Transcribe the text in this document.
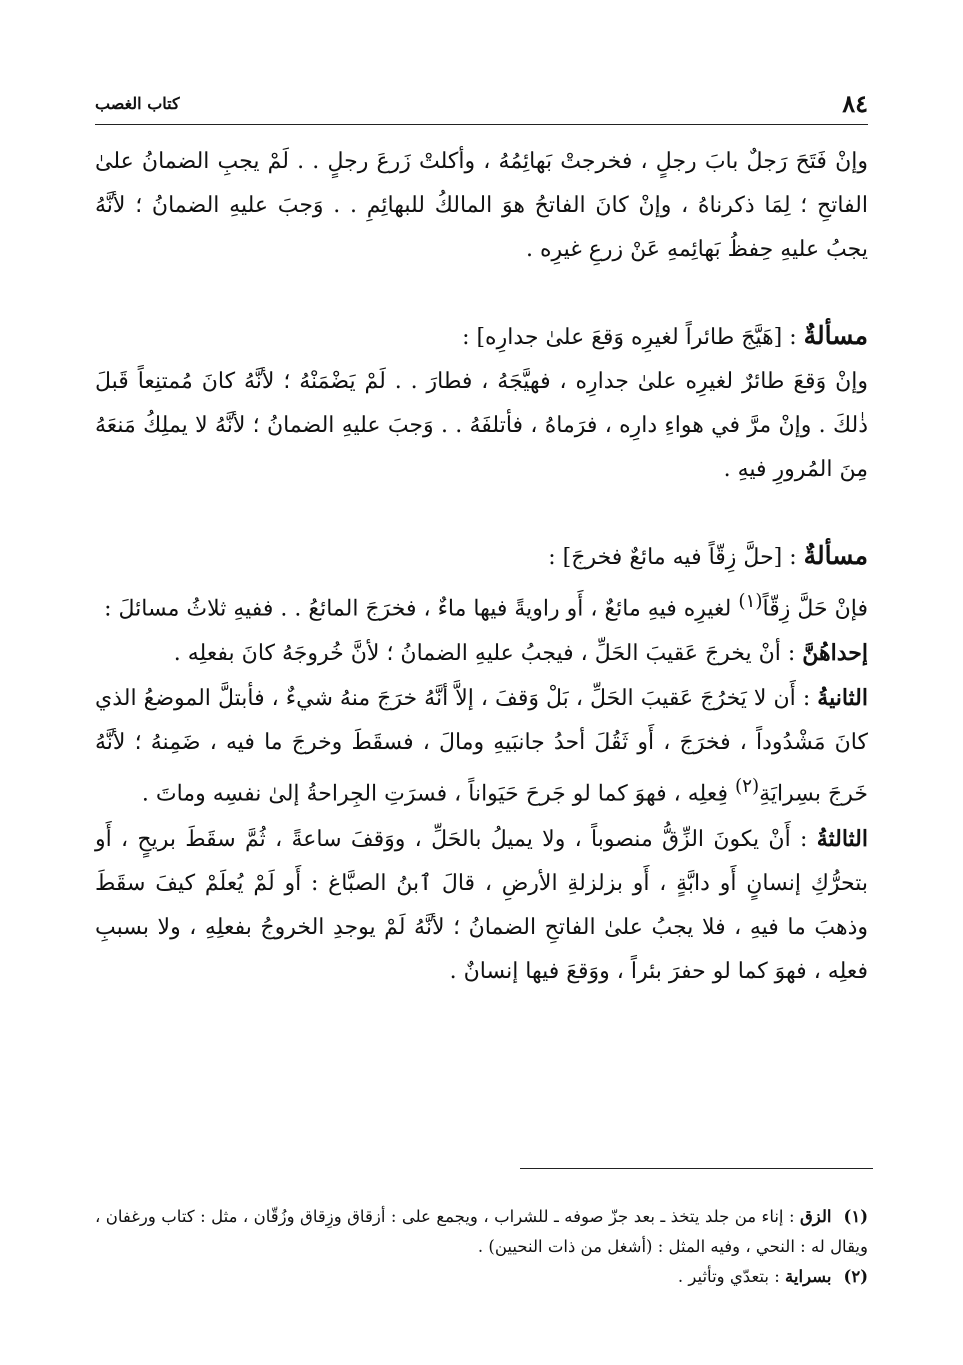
٨٤
كتاب الغصب

وإنْ فَتَحَ رَجلٌ بابَ رجلٍ ، فخرجتْ بَهائِمُهُ ، وأكلتْ زَرعَ رجلٍ . . لَمْ يجبِ الضمانُ علىٰ الفاتحِ ؛ لِمَا ذكرناهُ ، وإنْ كانَ الفاتحُ هوَ المالكُ للبهائِمِ . . وَجبَ عليهِ الضمانُ ؛ لأنَّهُ يجبُ عليهِ حِفظُ بَهائِمهِ عَنْ زرعِ غيرِه .

مسألةٌ : [هَيَّجَ طائراً لغيرِه وَقعَ علىٰ جدارِه] :

وإنْ وَقعَ طائرٌ لغيرِه علىٰ جدارِه ، فهيَّجَهُ ، فطارَ . . لَمْ يَضْمَنْهُ ؛ لأنَّهُ كانَ مُمتنِعاً قَبلَ ذٰلكَ . وإنْ مرَّ في هواءِ دارِه ، فرَماهُ ، فأتلفَهُ . . وَجبَ عليهِ الضمانُ ؛ لأنَّهُ لا يملِكُ مَنعَهُ مِنَ المُرورِ فيهِ .

مسألةٌ : [حلَّ زِقّاً فيه مائعٌ فخرجَ] :

فإنْ حَلَّ زِقّاً$^{(١)}$ لغيرِه فيهِ مائعٌ ، أَو راويةً فيها ماءٌ ، فخرَجَ المائعُ . . ففيهِ ثلاثُ مسائلَ :

إحداهُنَّ : أنْ يخرجَ عَقيبَ الحَلِّ ، فيجبُ عليهِ الضمانُ ؛ لأنَّ خُروجَهُ كانَ بفعلِه .

الثانيةُ : أَن لا يَخرُجَ عَقيبَ الحَلِّ ، بَلْ وَقفَ ، إلاَّ أنَّهُ خرَجَ منهُ شيءٌ ، فأبتلَّ الموضعُ الذي كانَ مَشْدُوداً ، فخرَجَ ، أَو ثَقُلَ أحدُ جانبَيهِ ومالَ ، فسقَطَ وخرجَ ما فيه ، ضَمِنهُ ؛ لأنَّهُ خَرجَ بسِرايَةِ$^{(٢)}$ فِعلِه ، فهوَ كما لو جَرحَ حَيَواناً ، فسرَتِ الجِراحةُ إلىٰ نفسِه وماتَ .

الثالثةُ : أَنْ يكونَ الزِّقُّ منصوباً ، ولا يميلُ بالحَلِّ ، ووَقفَ ساعةً ، ثُمَّ سقَطَ بريحٍ ، أَو بتحرُّكِ إنسانٍ أَو دابَّةٍ ، أَو بزلزلةِ الأرضِ ، قالَ ٱبنُ الصبَّاغ : أَو لَمْ يُعلَمْ كيفَ سقَطَ وذهبَ ما فيهِ ، فلا يجبُ علىٰ الفاتحِ الضمانُ ؛ لأنَّهُ لَمْ يوجدِ الخروجُ بفعلِهِ ، ولا بسببِ فعلِه ، فهوَ كما لو حفرَ بئراً ، ووَقعَ فيها إنسانٌ .

(١)الزق : إناء من جلد يتخذ ـ بعد جزّ صوفه ـ للشراب ، ويجمع على : أزقاق وزِقاق وزُقّان ، مثل : كتاب ورغفان ، ويقال له : النحي ، وفيه المثل : (أشغل من ذات النحيين) .

(٢)بسراية : بتعدّي وتأثير .
